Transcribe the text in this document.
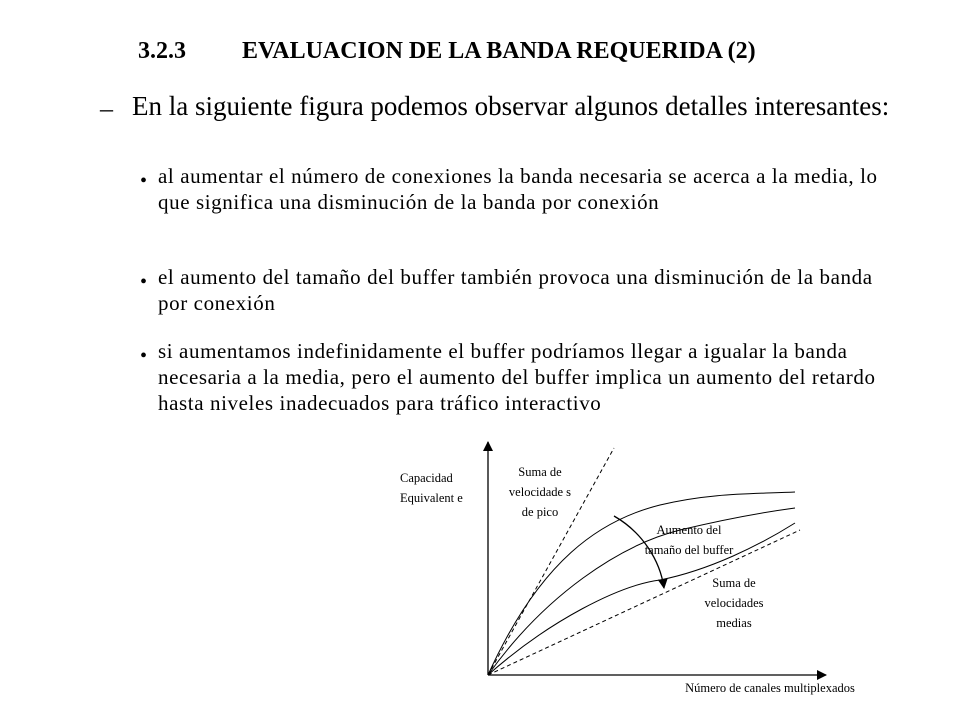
3.2.3 EVALUACION DE LA BANDA REQUERIDA (2)
– En la siguiente figura podemos observar algunos detalles interesantes:
• al aumentar el número de conexiones la banda necesaria se acerca a la media, lo que significa una disminución de la banda por conexión
• el aumento del tamaño del buffer también provoca una disminución de la banda por conexión
• si aumentamos indefinidamente el buffer podríamos llegar a igualar la banda necesaria a la media, pero el aumento del buffer implica un aumento del retardo hasta niveles inadecuados para tráfico interactivo
Capacidad Equivalent e
Suma de velocidade s de pico
Aumento del tamaño del buffer
Suma de velocidades medias
Número de canales multiplexados
